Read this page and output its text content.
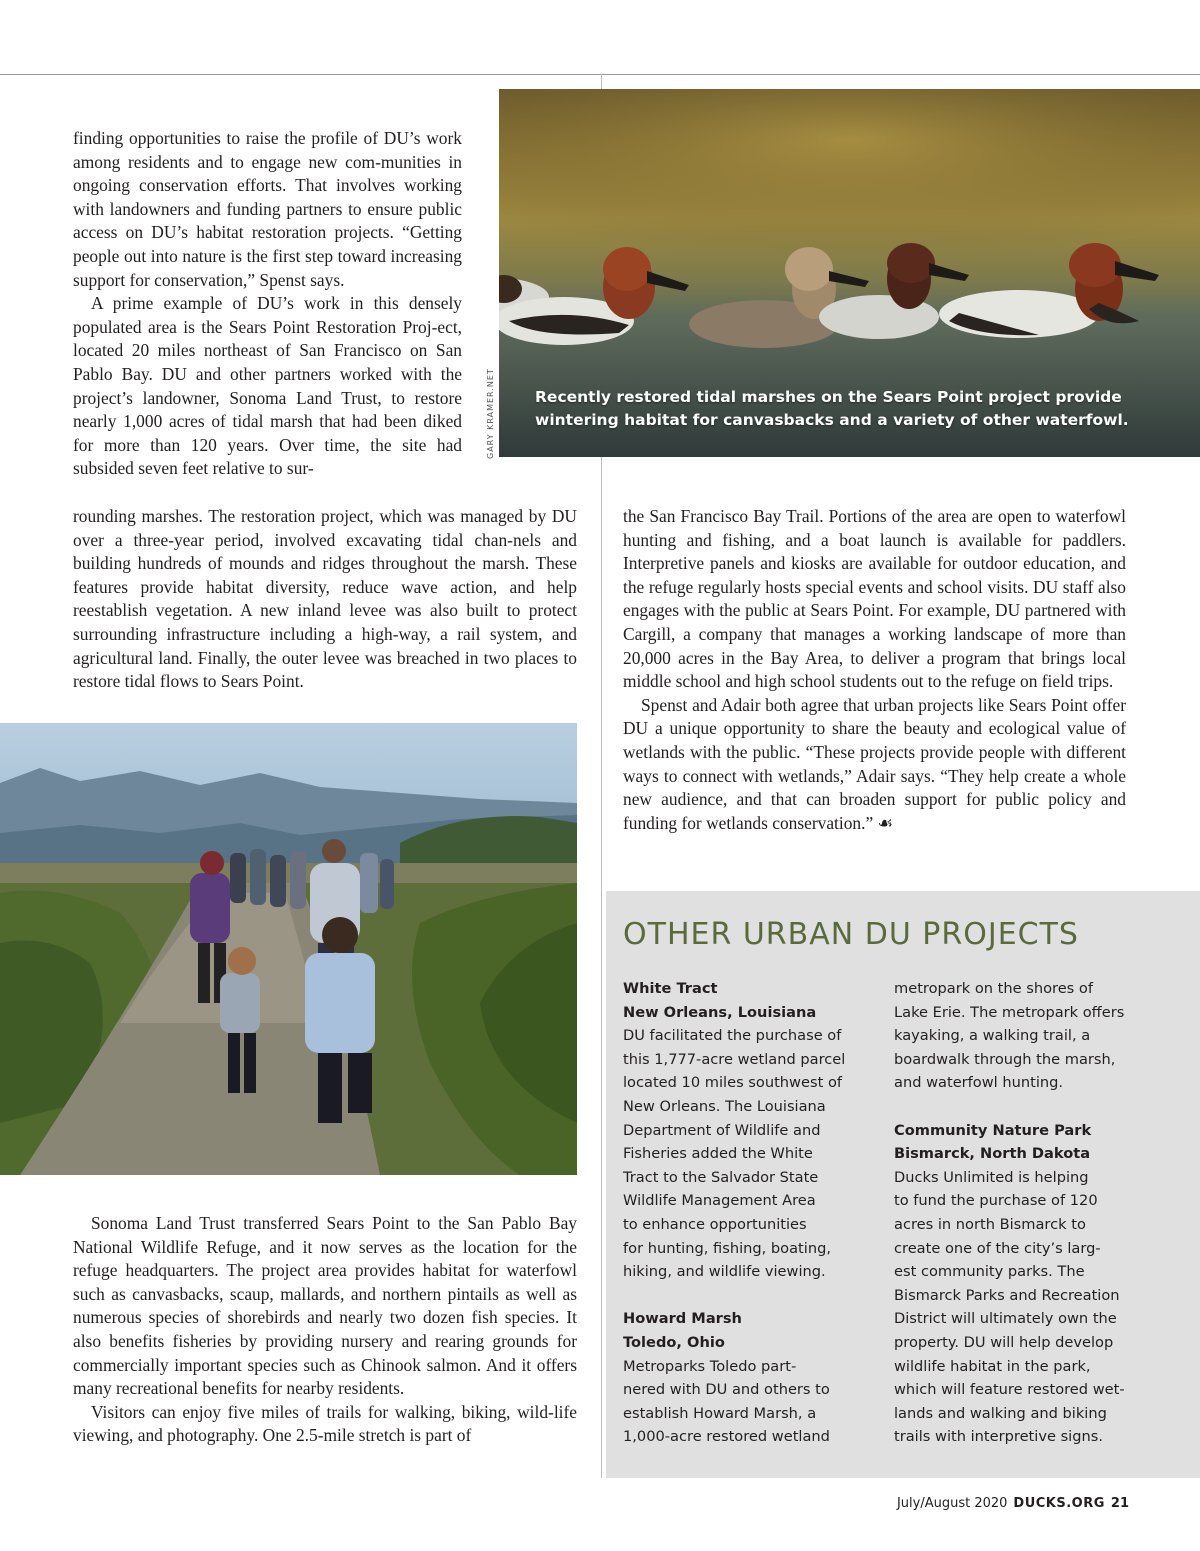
finding opportunities to raise the profile of DU’s work among residents and to engage new com-munities in ongoing conservation efforts. That involves working with landowners and funding partners to ensure public access on DU’s habitat restoration projects. “Getting people out into nature is the first step toward increasing support for conservation,” Spenst says.

A prime example of DU’s work in this densely populated area is the Sears Point Restoration Proj-ect, located 20 miles northeast of San Francisco on San Pablo Bay. DU and other partners worked with the project’s landowner, Sonoma Land Trust, to restore nearly 1,000 acres of tidal marsh that had been diked for more than 120 years. Over time, the site had subsided seven feet relative to sur-

Recently restored tidal marshes on the Sears Point project provide wintering habitat for canvasbacks and a variety of other waterfowl.
GARY KRAMER.NET

rounding marshes. The restoration project, which was managed by DU over a three-year period, involved excavating tidal chan-nels and building hundreds of mounds and ridges throughout the marsh. These features provide habitat diversity, reduce wave action, and help reestablish vegetation. A new inland levee was also built to protect surrounding infrastructure including a high-way, a rail system, and agricultural land. Finally, the outer levee was breached in two places to restore tidal flows to Sears Point.

the San Francisco Bay Trail. Portions of the area are open to waterfowl hunting and fishing, and a boat launch is available for paddlers. Interpretive panels and kiosks are available for outdoor education, and the refuge regularly hosts special events and school visits. DU staff also engages with the public at Sears Point. For example, DU partnered with Cargill, a company that manages a working landscape of more than 20,000 acres in the Bay Area, to deliver a program that brings local middle school and high school students out to the refuge on field trips.

Spenst and Adair both agree that urban projects like Sears Point offer DU a unique opportunity to share the beauty and ecological value of wetlands with the public. “These projects provide people with different ways to connect with wetlands,” Adair says. “They help create a whole new audience, and that can broaden support for public policy and funding for wetlands conservation.” ☙

Sonoma Land Trust transferred Sears Point to the San Pablo Bay National Wildlife Refuge, and it now serves as the location for the refuge headquarters. The project area provides habitat for waterfowl such as canvasbacks, scaup, mallards, and northern pintails as well as numerous species of shorebirds and nearly two dozen fish species. It also benefits fisheries by providing nursery and rearing grounds for commercially important species such as Chinook salmon. And it offers many recreational benefits for nearby residents.

Visitors can enjoy five miles of trails for walking, biking, wild-life viewing, and photography. One 2.5-mile stretch is part of

OTHER URBAN DU PROJECTS
White Tract
New Orleans, Louisiana
DU facilitated the purchase of
this 1,777-acre wetland parcel
located 10 miles southwest of
New Orleans. The Louisiana
Department of Wildlife and
Fisheries added the White
Tract to the Salvador State
Wildlife Management Area
to enhance opportunities
for hunting, fishing, boating,
hiking, and wildlife viewing.
Howard Marsh
Toledo, Ohio
Metroparks Toledo part-
nered with DU and others to
establish Howard Marsh, a
1,000-acre restored wetland
metropark on the shores of
Lake Erie. The metropark offers
kayaking, a walking trail, a
boardwalk through the marsh,
and waterfowl hunting.
Community Nature Park
Bismarck, North Dakota
Ducks Unlimited is helping
to fund the purchase of 120
acres in north Bismarck to
create one of the city’s larg-
est community parks. The
Bismarck Parks and Recreation
District will ultimately own the
property. DU will help develop
wildlife habitat in the park,
which will feature restored wet-
lands and walking and biking
trails with interpretive signs.
July/August 2020 DUCKS.ORG 21
